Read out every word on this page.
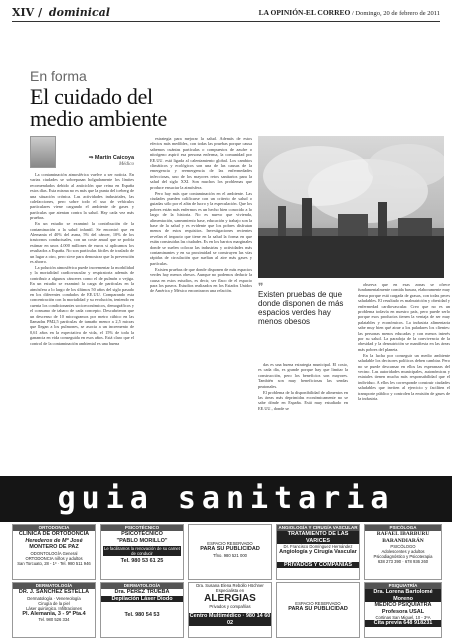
XIV / dominical	LA OPINIÓN-EL CORREO / Domingo, 20 de febrero de 2011
En forma
El cuidado del
medio ambiente
⇒ Martín Caicoya
Médico

La contaminación atmosférica vuelve a ser noticia. En varias ciudades se sobrepasan holgadamente los límites recomendados debido al anticiclón que reina en España estos días. Esta misma no es más que la punta del iceberg de una situación crónica. Las actividades industriales, las calefacciones, pero sobre todo el uso de vehículos particulares viene cargando el ambiente de gases y partículas que atentan contra la salud. Hay cada vez más pruebas.

En un estudio se examinó la contribución de la contaminación a la salud infantil. Se encontró que en Alemania el 40% del asma, 5% del cáncer, 10% de los trastornos conductuales, con un coste anual que se podría estimar en unos 4.000 millones de euros si aplicamos los resultados a España. No son partículas fáciles de traslado de un lugar a otro, pero sirve para demostrar que la prevención es ahorro.

La polución atmosférica puede incrementar la morbilidad y la mortalidad cardiovascular y respiratoria además de contribuir a algunos cánceres como el de pulmón o vejiga. En un estudio se examinó la carga de partículas en la atmósfera a lo largo de los últimos 50 años del siglo pasado en los diferentes condados de EE.UU. Comparando esta concentración con la mortalidad y su evolución, teniendo en cuenta los condicionantes socioeconómicos, demográficos y el consumo de tabaco de cada concepto. Descubrieron que un descenso de 10 microgramos por metro cúbico en las llamadas PM2,5 partículas de tamaño menor a 2,5 micras que llegan a los pulmones, se asocia a un incremento de 0,61 años en la expectativa de vida, el 15% de toda la ganancia en vida conseguida en esos años. Está claro que el control de la contaminación ambiental es una buena

estrategia para mejorar la salud. Además de estos efectos más medibles, con todas las pruebas porque causa sabemos cuántas partículas o compuestos de azufre o nitrógeno aspiró esa persona enferma, la comunidad por EE.UU. está ligada al calentamiento global. Los cambios climáticos y ecológicos son una de las causas de la emergencia y reemergencia de las enfermedades infecciosas, uno de los mayores retos sanitarios para la salud del siglo XXI. Son muchos los problemas que produce ensuciar la atmósfera.

Pero hay más que contaminación en el ambiente. Las ciudades pueden calificarse con un criterio de salud o guiadas sólo por el afán de lucro y la especulación. Que los pobres están más enfermos es un hecho bien conocido a lo largo de la historia. No es nuevo que vivienda, alimentación, saneamiento base, educación y trabajo son la base de la salud y es evidente que los pobres disfrutan menos de estos requisitos. Investigaciones recientes revelan el impacto que tiene en la salud la forma en que están construidas las ciudades. Es en los barrios marginales donde se suelen colocar las industrias y actividades más contaminantes y en su proximidad se construyen las vías rápidas de circulación que sueltan al aire más gases y partículas.

Existen pruebas de que donde disponen de más espacios verdes hay menos obesos. Aunque no podemos deducir la causa en estos estudios, es decir, ser flaco de el espacio para los paseos. Estudios realizados en los Estados Unidos de América y México encontraron una relación.	❞
Existen pruebas de que donde disponen de más espacios verdes hay menos obesos

das es una buena estrategia municipal. El costo, es cada día, es grande porque hay que limitar la construcción, pero los beneficios son mayores. También son muy beneficiosas las sendas peatonales.

El problema de la disponibilidad de alimentos en las áreas más deprimidas económicamente no se sabe dónde en España. Está muy estudiado en EE.UU., donde se

observa que en esas zonas se ofrece fundamentalmente comida basura, elaboramente muy densa porque está cargada de grasas, con todas peces saludables. El resultado es malnutrición y obesidad y enfermedad cardiovascular. Creo que no es un problema todavía en nuestro país, pero puede serlo porque esos productos tienen la ventaja de ser muy palatables y económicos. La industria alimentaria sabe muy bien qué atrae a los paladares los clientes: las personas menos educadas y con menos interés por su salud. La paradoja de la convivencia de la obesidad y la desnutrición se manifiesta en las áreas más pobres del planeta.

En la lucha por conseguir un medio ambiente saludable los decisores políticos deben cambiar. Pero no se puede descansar en ellos las esperanzas del vecino. Las autoridades municipales, autonómicas y estatales tienen mucha más responsabilidad que el individuo. A ellos les corresponde construir ciudades saludables que inviten al ejercicio y faciliten el transporte público y controlen la emisión de gases de la industria.

guia sanitaria
ORTODONCIA
CLÍNICA DE ORTODONCIA
Herederos de Mª José
MONTERO DE PAZ
ODONTOLOGÍA General
ORTODONCIA niños y adultos
San Torcuato, 28 - 1º · Tel. 980 511 946
PSICOTÉCNICO
PSICOTÉCNICO
"PABLO MORILLO"
Le facilitamos la renovación de su carnet de conducir
Tel. 980 53 61 25
ESPACIO RESERVADO
PARA SU PUBLICIDAD
Tfno. 980 521 000
ANGIOLOGÍA Y CIRUGÍA VASCULAR
TRATAMIENTO DE LAS VARICES
Dr. Francisco Domínguez Hernández
Angiología y Cirugía Vascular
PRIVADOS Y COMPAÑÍAS
PSICÓLOGA
RAFAEL IBARBURU
BARANDIARÁN
PSICÓLOGO
Adolescentes y adultos
Psicodiagnóstico y Psicoterapia
638 273 390 · 678 936 260
DERMATOLOGÍA
DR. J. SÁNCHEZ ESTELLA
Dermatología · Venereología
Cirugía de la piel
Láser quirúrgico. Infiltraciones
Pl. Alemania, 3 - 9º Pta.4
Tel. 980 526 334
DERMATOLOGÍA
Dra. PÉREZ TRUEBA
Depilación Láser Diodo
Tel. 980 54 53
Dra. Susana Elena Rebollo Höchner
Especialista en
ALERGIAS
Privados y compañías
Centro Multimédico · 980 14 60 02
ESPACIO RESERVADO
PARA SU PUBLICIDAD
PSIQUIATRÍA
Dra. Lorena Bartolomé Moreno
MÉDICO PSIQUIATRA
Profesora USAL
Cortinas San Miguel, 10 - 3ºA
Cita previa 648 918231
